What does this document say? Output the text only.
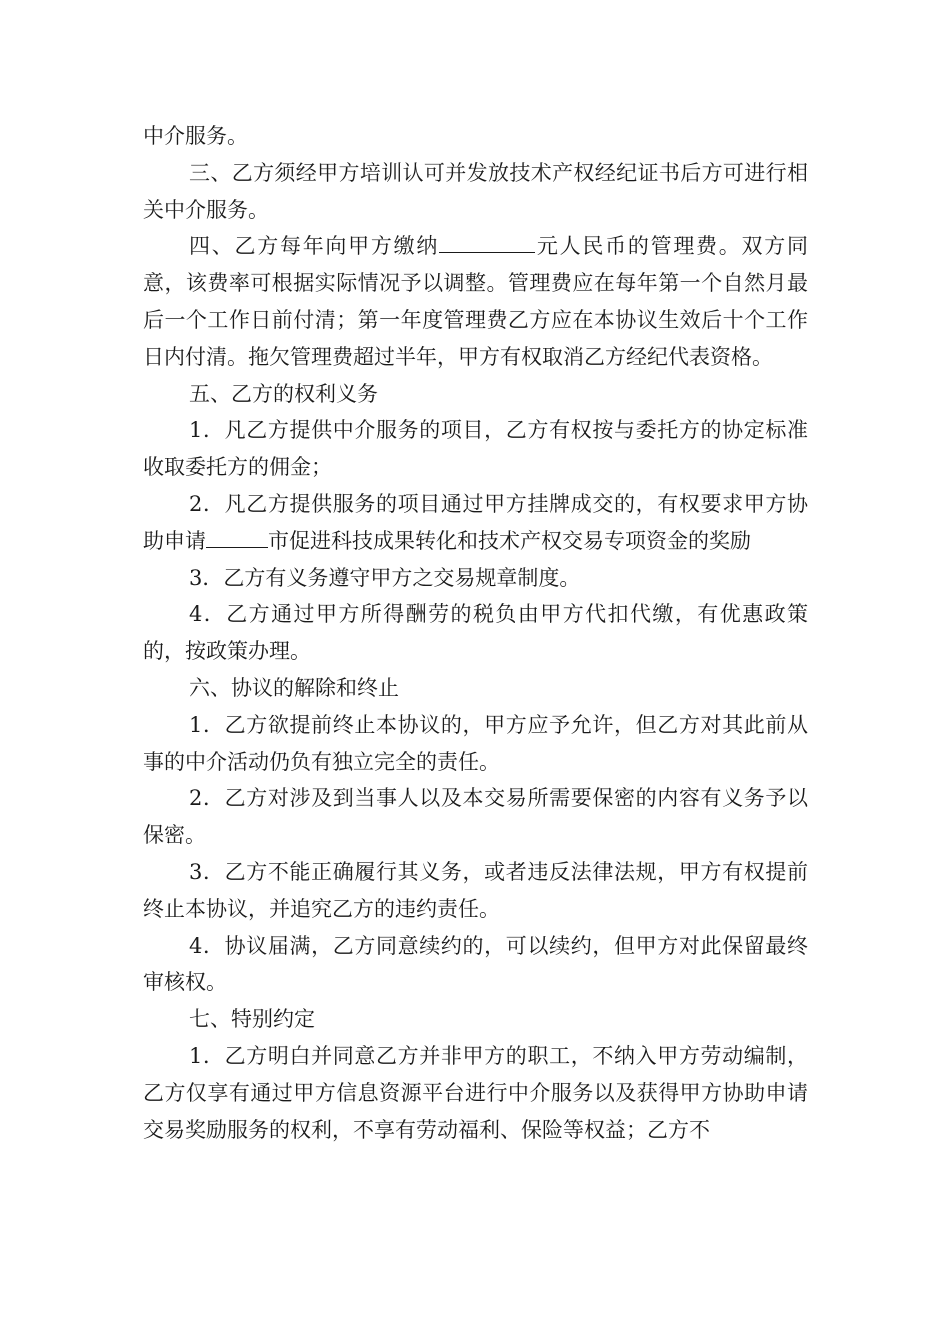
中介服务。

三、乙方须经甲方培训认可并发放技术产权经纪证书后方可进行相关中介服务。

四、乙方每年向甲方缴纳	元人民币的管理费。双方同意，该费率可根据实际情况予以调整。管理费应在每年第一个自然月最后一个工作日前付清；第一年度管理费乙方应在本协议生效后十个工作日内付清。拖欠管理费超过半年，甲方有权取消乙方经纪代表资格。

五、乙方的权利义务

1．凡乙方提供中介服务的项目，乙方有权按与委托方的协定标准收取委托方的佣金；

2．凡乙方提供服务的项目通过甲方挂牌成交的，有权要求甲方协助申请	市促进科技成果转化和技术产权交易专项资金的奖励

3．乙方有义务遵守甲方之交易规章制度。

4．乙方通过甲方所得酬劳的税负由甲方代扣代缴，有优惠政策的，按政策办理。

六、协议的解除和终止

1．乙方欲提前终止本协议的，甲方应予允许，但乙方对其此前从事的中介活动仍负有独立完全的责任。

2．乙方对涉及到当事人以及本交易所需要保密的内容有义务予以保密。

3．乙方不能正确履行其义务，或者违反法律法规，甲方有权提前终止本协议，并追究乙方的违约责任。

4．协议届满，乙方同意续约的，可以续约，但甲方对此保留最终审核权。

七、特别约定

1．乙方明白并同意乙方并非甲方的职工，不纳入甲方劳动编制，乙方仅享有通过甲方信息资源平台进行中介服务以及获得甲方协助申请交易奖励服务的权利，不享有劳动福利、保险等权益；乙方不
